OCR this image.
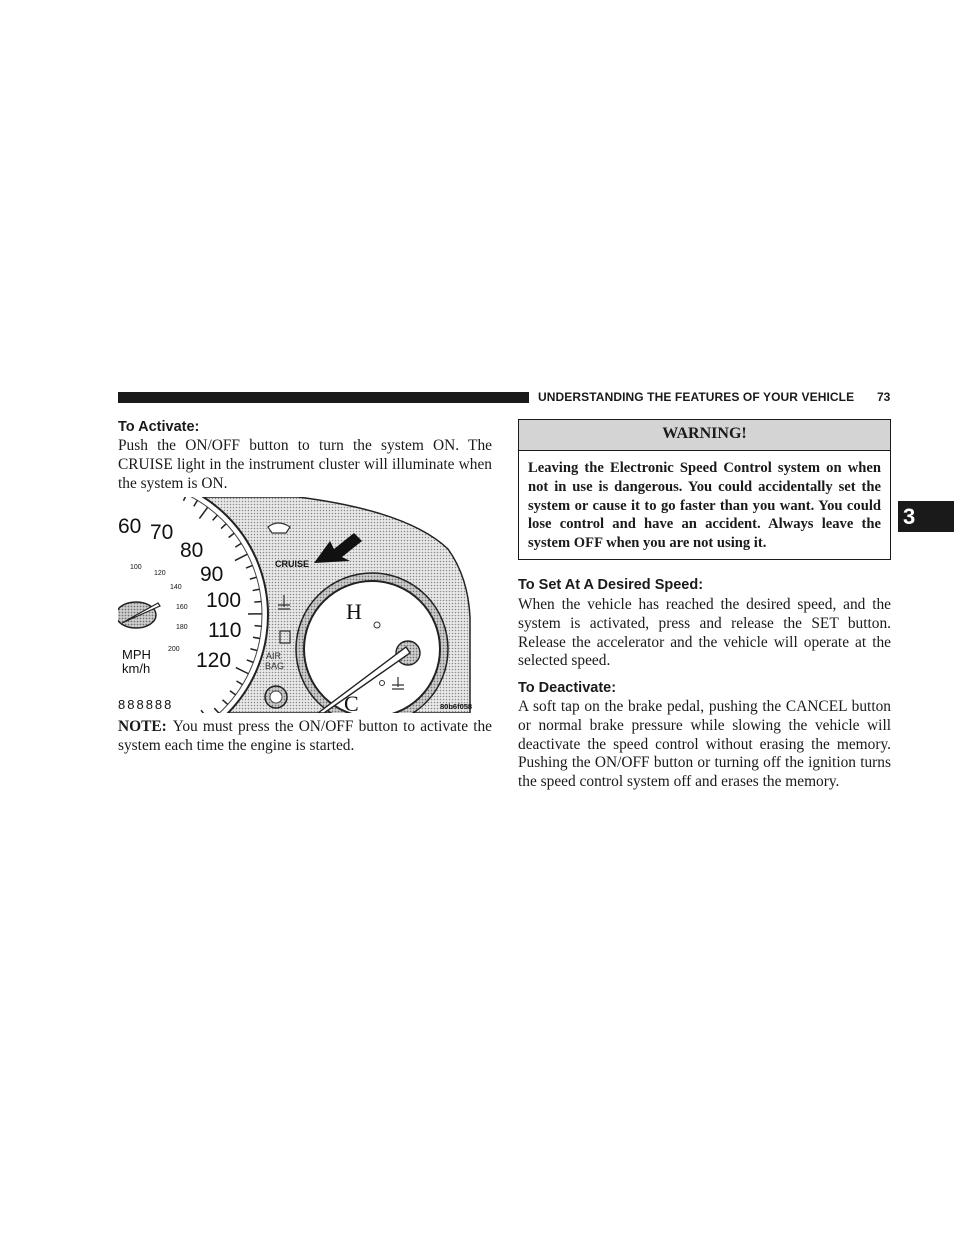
UNDERSTANDING THE FEATURES OF YOUR VEHICLE 73
3
To Activate:
Push the ON/OFF button to turn the system ON. The CRUISE light in the instrument cluster will illuminate when the system is ON.
60 70
80
90
100
110
120
100
120
140
160
180
200
MPH
km/h
888888
CRUISE
AIR
BAG
H
C	80b6f058
NOTE: You must press the ON/OFF button to activate the system each time the engine is started.
WARNING!
Leaving the Electronic Speed Control system on when not in use is dangerous. You could accidentally set the system or cause it to go faster than you want. You could lose control and have an accident. Always leave the system OFF when you are not using it.
To Set At A Desired Speed:
When the vehicle has reached the desired speed, and the system is activated, press and release the SET button. Release the accelerator and the vehicle will operate at the selected speed.
To Deactivate:
A soft tap on the brake pedal, pushing the CANCEL button or normal brake pressure while slowing the vehicle will deactivate the speed control without erasing the memory. Pushing the ON/OFF button or turning off the ignition turns the speed control system off and erases the memory.
